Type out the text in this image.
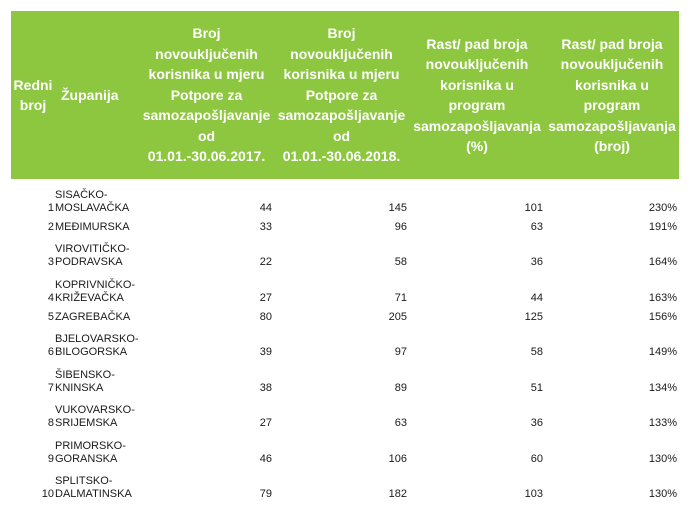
Redni broj	Županija	Broj novouključenih korisnika u mjeru Potpore za samozapošljavanje od 01.01.-30.06.2017.	Broj novouključenih korisnika u mjeru Potpore za samozapošljavanje od 01.01.-30.06.2018.	Rast/ pad broja novouključenih korisnika u program samozapošljavanja (%)	Rast/ pad broja novouključenih korisnika u program samozapošljavanja (broj)
1	SISAČKO-MOSLAVAČKA	44	145	101	230%
2	MEĐIMURSKA	33	96	63	191%
3	VIROVITIČKO-PODRAVSKA	22	58	36	164%
4	KOPRIVNIČKO-KRIŽEVAČKA	27	71	44	163%
5	ZAGREBAČKA	80	205	125	156%
6	BJELOVARSKO-BILOGORSKA	39	97	58	149%
7	ŠIBENSKO-KNINSKA	38	89	51	134%
8	VUKOVARSKO-SRIJEMSKA	27	63	36	133%
9	PRIMORSKO-GORANSKA	46	106	60	130%
10	SPLITSKO-DALMATINSKA	79	182	103	130%
